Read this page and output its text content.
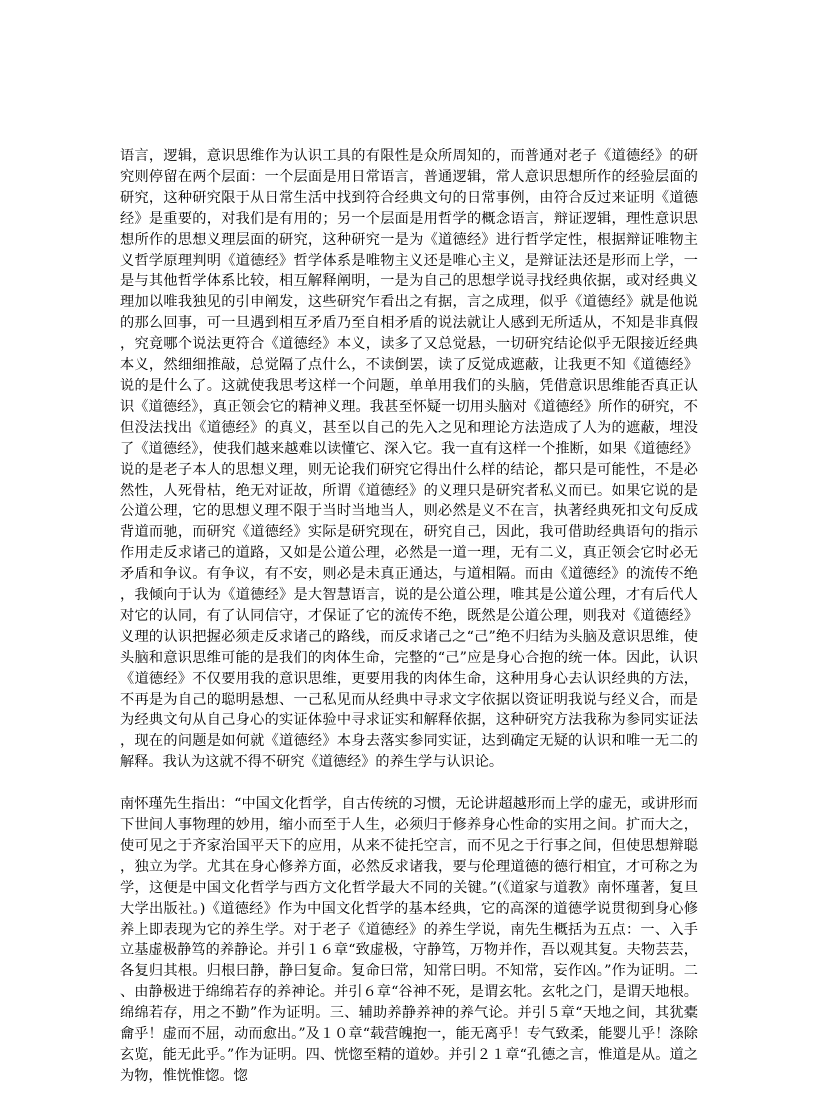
语言，逻辑，意识思维作为认识工具的有限性是众所周知的，而普通对老子《道德经》的研究则停留在两个层面：一个层面是用日常语言，普通逻辑，常人意识思想所作的经验层面的研究，这种研究限于从日常生活中找到符合经典文句的日常事例，由符合反过来证明《道德经》是重要的，对我们是有用的；另一个层面是用哲学的概念语言，辩证逻辑，理性意识思想所作的思想义理层面的研究，这种研究一是为《道德经》进行哲学定性，根据辩证唯物主义哲学原理判明《道德经》哲学体系是唯物主义还是唯心主义，是辩证法还是形而上学，一是与其他哲学体系比较，相互解释阐明，一是为自己的思想学说寻找经典依据，或对经典义理加以唯我独见的引申阐发，这些研究乍看出之有据，言之成理，似乎《道德经》就是他说的那么回事，可一旦遇到相互矛盾乃至自相矛盾的说法就让人感到无所适从，不知是非真假，究竟哪个说法更符合《道德经》本义，读多了又总觉悬，一切研究结论似乎无限接近经典本义，然细细推敲，总觉隔了点什么，不读倒罢，读了反觉成遮蔽，让我更不知《道德经》说的是什么了。这就使我思考这样一个问题，单单用我们的头脑，凭借意识思维能否真正认识《道德经》，真正领会它的精神义理。我甚至怀疑一切用头脑对《道德经》所作的研究，不但没法找出《道德经》的真义，甚至以自己的先入之见和理论方法造成了人为的遮蔽，埋没了《道德经》，使我们越来越难以读懂它、深入它。我一直有这样一个推断，如果《道德经》说的是老子本人的思想义理，则无论我们研究它得出什么样的结论，都只是可能性，不是必然性，人死骨枯，绝无对证故，所谓《道德经》的义理只是研究者私义而已。如果它说的是公道公理，它的思想义理不限于当时当地当人，则必然是义不在言，执著经典死扣文句反成背道而驰，而研究《道德经》实际是研究现在，研究自己，因此，我可借助经典语句的指示作用走反求诸己的道路，又如是公道公理，必然是一道一理，无有二义，真正领会它时必无矛盾和争议。有争议，有不安，则必是未真正通达，与道相隔。而由《道德经》的流传不绝，我倾向于认为《道德经》是大智慧语言，说的是公道公理，唯其是公道公理，才有后代人对它的认同，有了认同信守，才保证了它的流传不绝，既然是公道公理，则我对《道德经》义理的认识把握必须走反求诸己的路线，而反求诸己之“己”绝不归结为头脑及意识思维，使头脑和意识思维可能的是我们的肉体生命，完整的“己”应是身心合抱的统一体。因此，认识《道德经》不仅要用我的意识思维，更要用我的肉体生命，这种用身心去认识经典的方法，不再是为自己的聪明悬想、一己私见而从经典中寻求文字依据以资证明我说与经义合，而是为经典文句从自己身心的实证体验中寻求证实和解释依据，这种研究方法我称为参同实证法，现在的问题是如何就《道德经》本身去落实参同实证，达到确定无疑的认识和唯一无二的解释。我认为这就不得不研究《道德经》的养生学与认识论。

南怀瑾先生指出：“中国文化哲学，自古传统的习惯，无论讲超越形而上学的虚无，或讲形而下世间人事物理的妙用，缩小而至于人生，必须归于修养身心性命的实用之间。扩而大之，使可见之于齐家治国平天下的应用，从来不徒托空言，而不见之于行事之间，但使思想辩聪，独立为学。尤其在身心修养方面，必然反求诸我，要与伦理道德的德行相宜，才可称之为学，这便是中国文化哲学与西方文化哲学最大不同的关键。”(《道家与道教》南怀瑾著，复旦大学出版社。)《道德经》作为中国文化哲学的基本经典，它的高深的道德学说贯彻到身心修养上即表现为它的养生学。对于老子《道德经》的养生学说，南先生概括为五点：一、入手立基虚极静笃的养静论。并引１６章“致虚极，守静笃，万物并作，吾以观其复。夫物芸芸，各复归其根。归根曰静，静曰复命。复命曰常，知常曰明。不知常，妄作凶。”作为证明。二、由静极进于绵绵若存的养神论。并引６章“谷神不死，是谓玄牝。玄牝之门，是谓天地根。绵绵若存，用之不勤”作为证明。三、辅助养静养神的养气论。并引５章“天地之间，其犹橐龠乎！虚而不屈，动而愈出。”及１０章“载营魄抱一，能无离乎！专气致柔，能婴儿乎！涤除玄览，能无此乎。”作为证明。四、恍惚至精的道妙。并引２１章“孔德之言，惟道是从。道之为物，惟恍惟惚。惚
